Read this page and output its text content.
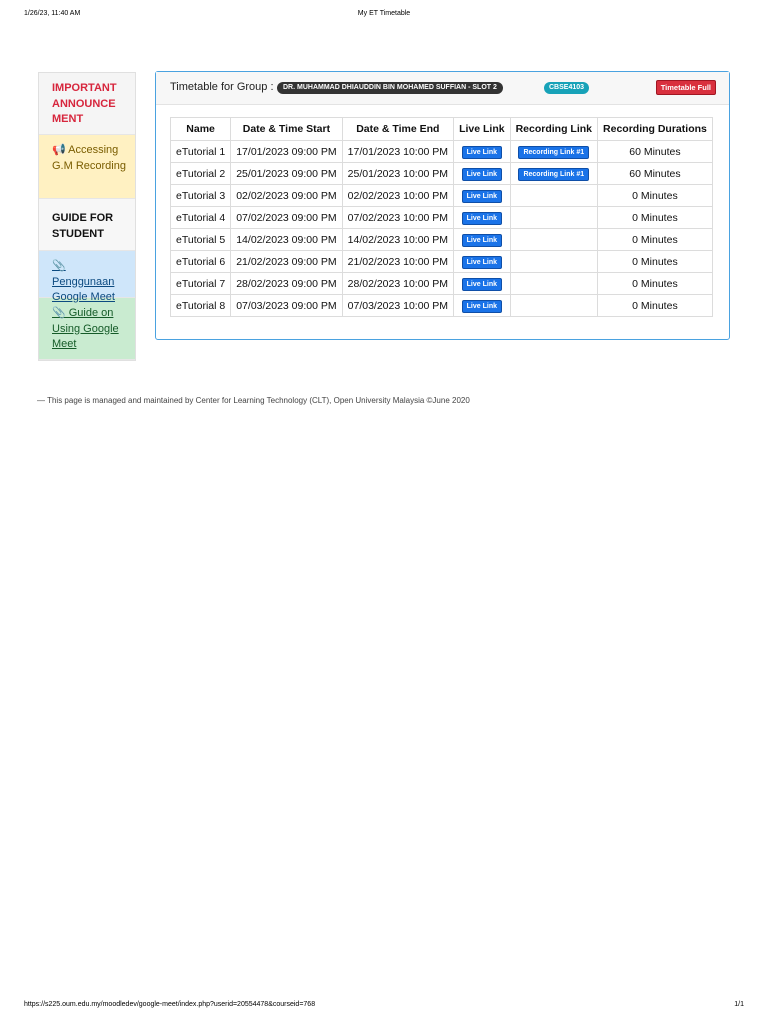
1/26/23, 11:40 AM	My ET Timetable
IMPORTANT ANNOUNCE MENT
📢 Accessing G.M Recording
GUIDE FOR STUDENT
📎Penggunaan Google Meet
📎 Guide on Using Google Meet
Timetable for Group :	DR. MUHAMMAD DHIAUDDIN BIN MOHAMED SUFFIAN - SLOT 2	CBSE4103	Timetable Full
Name	Date & Time Start	Date & Time End	Live Link	Recording Link	Recording Durations
eTutorial 1	17/01/2023 09:00 PM	17/01/2023 10:00 PM	Live Link	Recording Link #1	60 Minutes
eTutorial 2	25/01/2023 09:00 PM	25/01/2023 10:00 PM	Live Link	Recording Link #1	60 Minutes
eTutorial 3	02/02/2023 09:00 PM	02/02/2023 10:00 PM	Live Link		0 Minutes
eTutorial 4	07/02/2023 09:00 PM	07/02/2023 10:00 PM	Live Link		0 Minutes
eTutorial 5	14/02/2023 09:00 PM	14/02/2023 10:00 PM	Live Link		0 Minutes
eTutorial 6	21/02/2023 09:00 PM	21/02/2023 10:00 PM	Live Link		0 Minutes
eTutorial 7	28/02/2023 09:00 PM	28/02/2023 10:00 PM	Live Link		0 Minutes
eTutorial 8	07/03/2023 09:00 PM	07/03/2023 10:00 PM	Live Link		0 Minutes
— This page is managed and maintained by Center for Learning Technology (CLT), Open University Malaysia ©June 2020
https://s225.oum.edu.my/moodledev/google-meet/index.php?userid=20554478&courseid=768	1/1
